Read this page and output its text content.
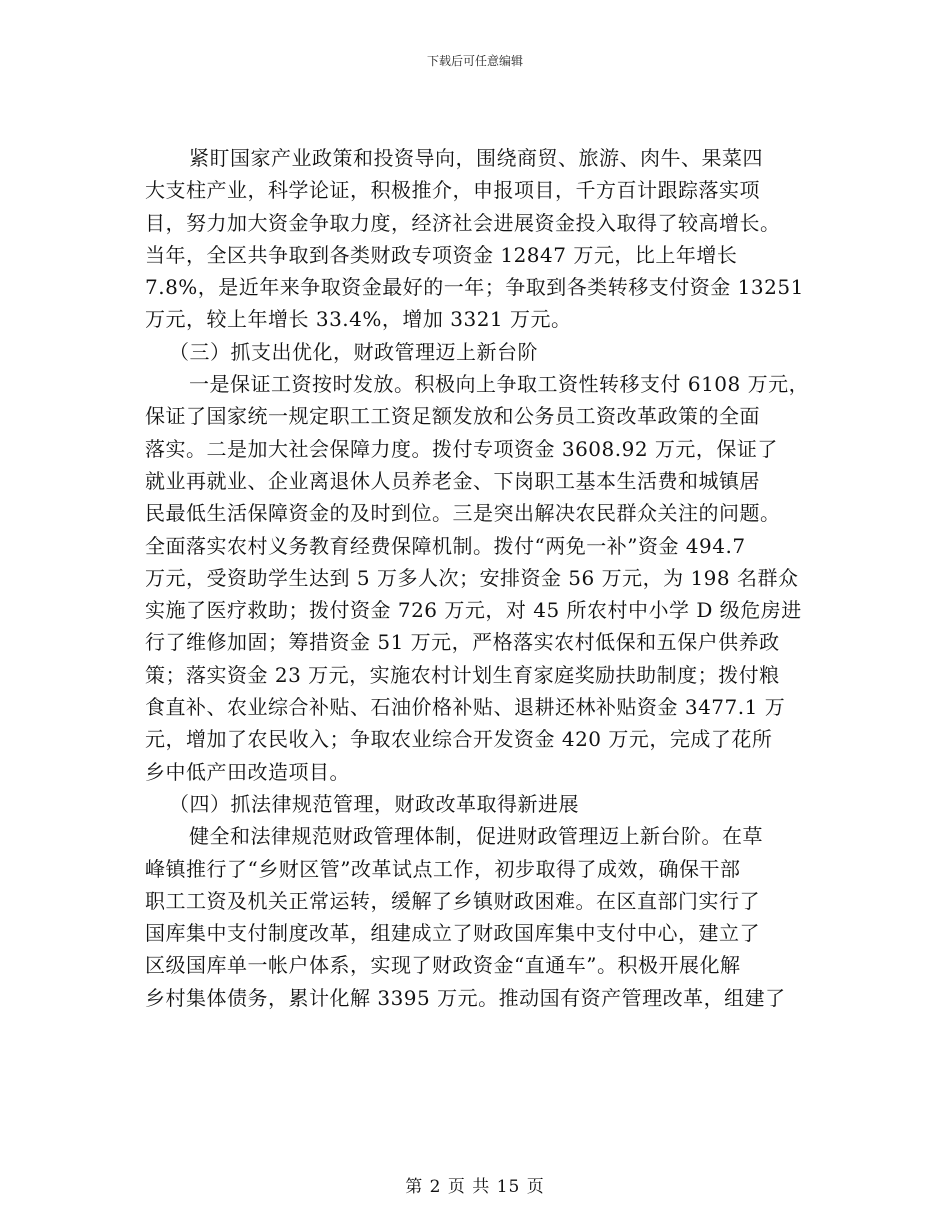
下载后可任意编辑
紧盯国家产业政策和投资导向，围绕商贸、旅游、肉牛、果菜四
大支柱产业，科学论证，积极推介，申报项目，千方百计跟踪落实项
目，努力加大资金争取力度，经济社会进展资金投入取得了较高增长。
当年，全区共争取到各类财政专项资金 12847 万元，比上年增长
7.8%，是近年来争取资金最好的一年；争取到各类转移支付资金 13251
万元，较上年增长 33.4%，增加 3321 万元。
（三）抓支出优化，财政管理迈上新台阶
一是保证工资按时发放。积极向上争取工资性转移支付 6108 万元，
保证了国家统一规定职工工资足额发放和公务员工资改革政策的全面
落实。二是加大社会保障力度。拨付专项资金 3608.92 万元，保证了
就业再就业、企业离退休人员养老金、下岗职工基本生活费和城镇居
民最低生活保障资金的及时到位。三是突出解决农民群众关注的问题。
全面落实农村义务教育经费保障机制。拨付“两免一补”资金 494.7
万元，受资助学生达到 5 万多人次；安排资金 56 万元，为 198 名群众
实施了医疗救助；拨付资金 726 万元，对 45 所农村中小学 D 级危房进
行了维修加固；筹措资金 51 万元，严格落实农村低保和五保户供养政
策；落实资金 23 万元，实施农村计划生育家庭奖励扶助制度；拨付粮
食直补、农业综合补贴、石油价格补贴、退耕还林补贴资金 3477.1 万
元，增加了农民收入；争取农业综合开发资金 420 万元，完成了花所
乡中低产田改造项目。
（四）抓法律规范管理，财政改革取得新进展
健全和法律规范财政管理体制，促进财政管理迈上新台阶。在草
峰镇推行了“乡财区管”改革试点工作，初步取得了成效，确保干部
职工工资及机关正常运转，缓解了乡镇财政困难。在区直部门实行了
国库集中支付制度改革，组建成立了财政国库集中支付中心，建立了
区级国库单一帐户体系，实现了财政资金“直通车”。积极开展化解
乡村集体债务，累计化解 3395 万元。推动国有资产管理改革，组建了
第 2 页 共 15 页
